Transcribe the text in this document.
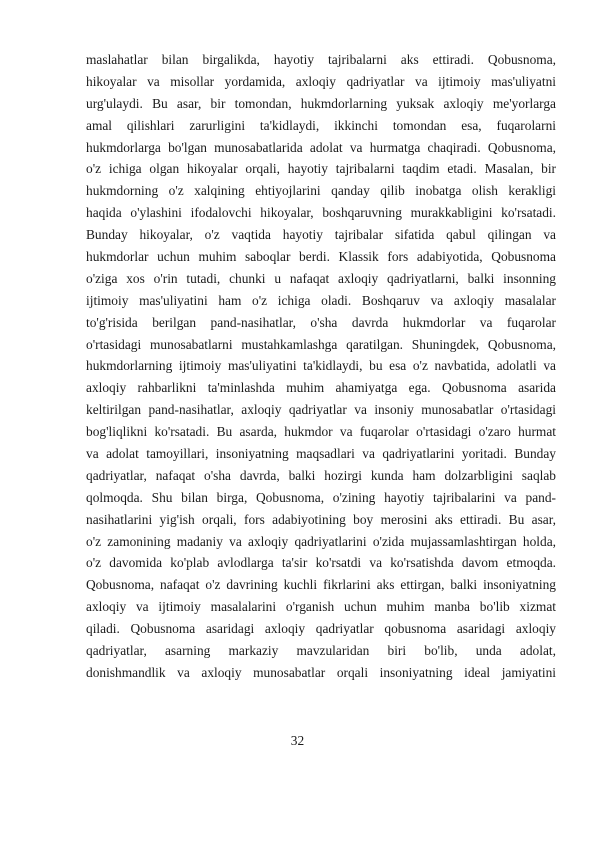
maslahatlar bilan birgalikda, hayotiy tajribalarni aks ettiradi. Qobusnoma,
hikoyalar va misollar yordamida, axloqiy qadriyatlar va ijtimoiy mas'uliyatni
urg'ulaydi. Bu asar, bir tomondan, hukmdorlarning yuksak axloqiy me'yorlarga
amal qilishlari zarurligini ta'kidlaydi, ikkinchi tomondan esa, fuqarolarni
hukmdorlarga bo'lgan munosabatlarida adolat va hurmatga chaqiradi. Qobusnoma,
o'z ichiga olgan hikoyalar orqali, hayotiy tajribalarni taqdim etadi. Masalan, bir
hukmdorning o'z xalqining ehtiyojlarini qanday qilib inobatga olish kerakligi
haqida o'ylashini ifodalovchi hikoyalar, boshqaruvning murakkabligini ko'rsatadi.
Bunday hikoyalar, o'z vaqtida hayotiy tajribalar sifatida qabul qilingan va
hukmdorlar uchun muhim saboqlar berdi. Klassik fors adabiyotida, Qobusnoma
o'ziga xos o'rin tutadi, chunki u nafaqat axloqiy qadriyatlarni, balki insonning
ijtimoiy mas'uliyatini ham o'z ichiga oladi. Boshqaruv va axloqiy masalalar
to'g'risida berilgan pand-nasihatlar, o'sha davrda hukmdorlar va fuqarolar
o'rtasidagi munosabatlarni mustahkamlashga qaratilgan. Shuningdek, Qobusnoma,
hukmdorlarning ijtimoiy mas'uliyatini ta'kidlaydi, bu esa o'z navbatida, adolatli va
axloqiy rahbarlikni ta'minlashda muhim ahamiyatga ega. Qobusnoma asarida
keltirilgan pand-nasihatlar, axloqiy qadriyatlar va insoniy munosabatlar o'rtasidagi
bog'liqlikni ko'rsatadi. Bu asarda, hukmdor va fuqarolar o'rtasidagi o'zaro hurmat
va adolat tamoyillari, insoniyatning maqsadlari va qadriyatlarini yoritadi. Bunday
qadriyatlar, nafaqat o'sha davrda, balki hozirgi kunda ham dolzarbligini saqlab
qolmoqda. Shu bilan birga, Qobusnoma, o'zining hayotiy tajribalarini va pand-
nasihatlarini yig'ish orqali, fors adabiyotining boy merosini aks ettiradi. Bu asar,
o'z zamonining madaniy va axloqiy qadriyatlarini o'zida mujassamlashtirgan holda,
o'z davomida ko'plab avlodlarga ta'sir ko'rsatdi va ko'rsatishda davom etmoqda.
Qobusnoma, nafaqat o'z davrining kuchli fikrlarini aks ettirgan, balki insoniyatning
axloqiy va ijtimoiy masalalarini o'rganish uchun muhim manba bo'lib xizmat
qiladi. Qobusnoma asaridagi axloqiy qadriyatlar qobusnoma asaridagi axloqiy
qadriyatlar, asarning markaziy mavzularidan biri bo'lib, unda adolat,
donishmandlik va axloqiy munosabatlar orqali insoniyatning ideal jamiyatini
32
